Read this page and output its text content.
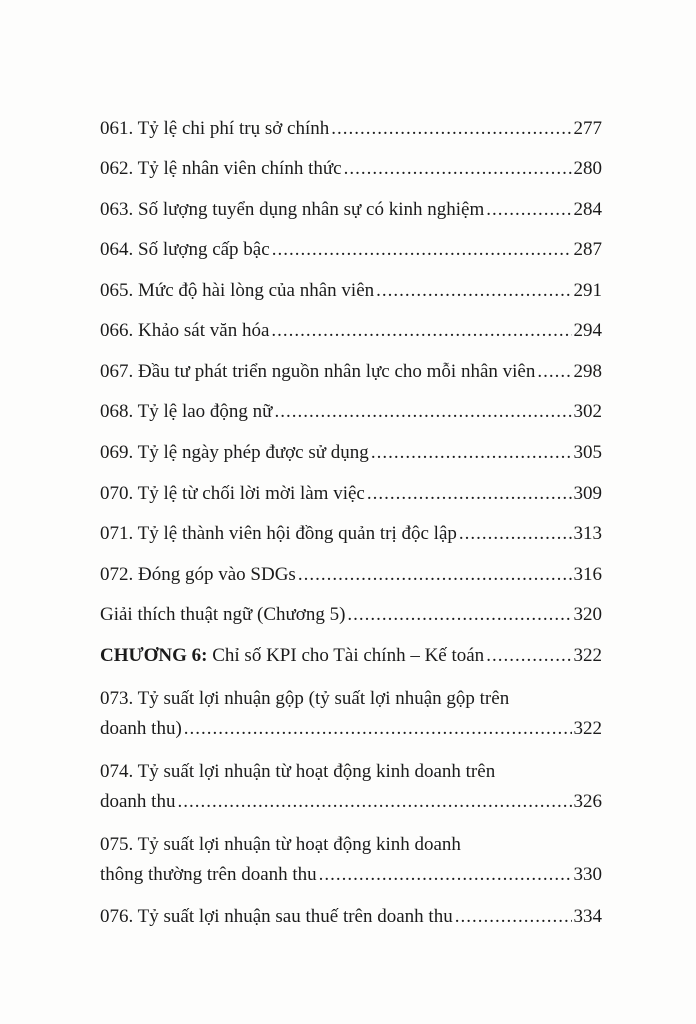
061. Tỷ lệ chi phí trụ sở chính .....	277
062. Tỷ lệ nhân viên chính thức .....	280
063. Số lượng tuyển dụng nhân sự có kinh nghiệm .....	284
064. Số lượng cấp bậc .....	287
065. Mức độ hài lòng của nhân viên .....	291
066. Khảo sát văn hóa .....	294
067. Đầu tư phát triển nguồn nhân lực cho mỗi nhân viên ..... 298
068. Tỷ lệ lao động nữ .....	302
069. Tỷ lệ ngày phép được sử dụng .....	305
070. Tỷ lệ từ chối lời mời làm việc .....	309
071. Tỷ lệ thành viên hội đồng quản trị độc lập .....	313
072. Đóng góp vào SDGs .....	316
Giải thích thuật ngữ (Chương 5) .....	320
CHƯƠNG 6: Chỉ số KPI cho Tài chính – Kế toán .....	322
073. Tỷ suất lợi nhuận gộp (tỷ suất lợi nhuận gộp trên
doanh thu) .....	322
074. Tỷ suất lợi nhuận từ hoạt động kinh doanh trên
doanh thu .....	326
075. Tỷ suất lợi nhuận từ hoạt động kinh doanh
thông thường trên doanh thu .....	330
076. Tỷ suất lợi nhuận sau thuế trên doanh thu .....	334
